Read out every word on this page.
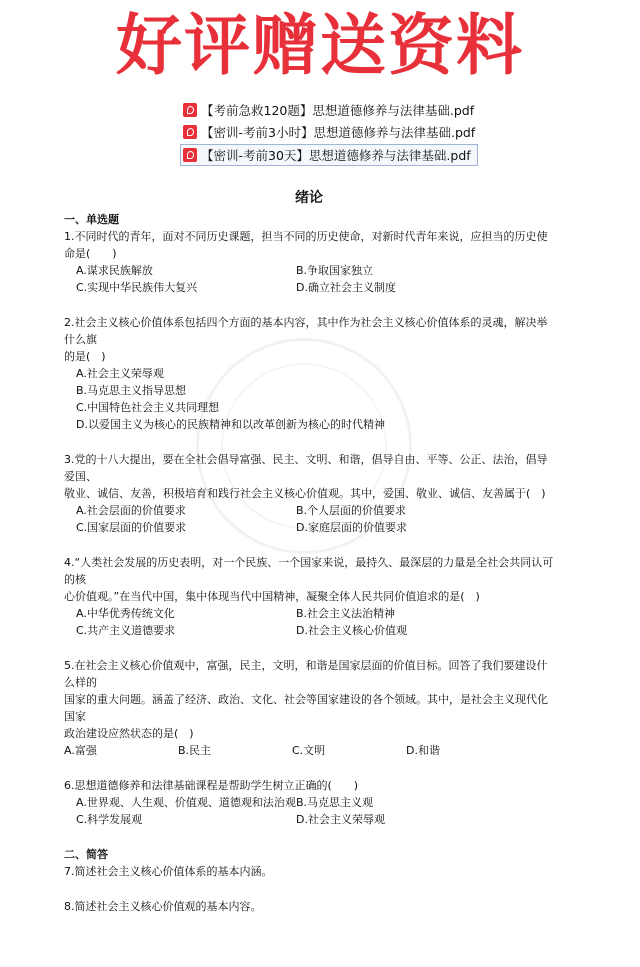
好评赠送资料
【考前急救120题】思想道德修养与法律基础.pdf
【密训-考前3小时】思想道德修养与法律基础.pdf
【密训-考前30天】思想道德修养与法律基础.pdf
绪论
一、单选题
1.不同时代的青年，面对不同历史课题，担当不同的历史使命，对新时代青年来说，应担当的历史使命是(　　)
A.谋求民族解放	B.争取国家独立
C.实现中华民族伟大复兴	D.确立社会主义制度
2.社会主义核心价值体系包括四个方面的基本内容，其中作为社会主义核心价值体系的灵魂，解决举什么旗
的是(　)
A.社会主义荣辱观
B.马克思主义指导思想
C.中国特色社会主义共同理想
D.以爱国主义为核心的民族精神和以改革创新为核心的时代精神
3.党的十八大提出，要在全社会倡导富强、民主、文明、和谐，倡导自由、平等、公正、法治，倡导爱国、
敬业、诚信、友善，积极培育和践行社会主义核心价值观。其中，爱国、敬业、诚信、友善属于(　)
A.社会层面的价值要求	B.个人层面的价值要求
C.国家层面的价值要求	D.家庭层面的价值要求
4.“人类社会发展的历史表明，对一个民族、一个国家来说，最持久、最深层的力量是全社会共同认可的核
心价值观。”在当代中国，集中体现当代中国精神，凝聚全体人民共同价值追求的是(　)
A.中华优秀传统文化	B.社会主义法治精神
C.共产主义道德要求	D.社会主义核心价值观
5.在社会主义核心价值观中，富强，民主，文明，和谐是国家层面的价值目标。回答了我们要建设什么样的
国家的重大问题。涵盖了经济、政治、文化、社会等国家建设的各个领域。其中，是社会主义现代化国家
政治建设应然状态的是(　)
A.富强	B.民主	C.文明	D.和谐
6.思想道德修养和法律基础课程是帮助学生树立正确的(　　)
A.世界观、人生观、价值观、道德观和法治观 B.马克思主义观
C.科学发展观	D.社会主义荣辱观
二、简答
7.简述社会主义核心价值体系的基本内涵。
8.简述社会主义核心价值观的基本内容。
